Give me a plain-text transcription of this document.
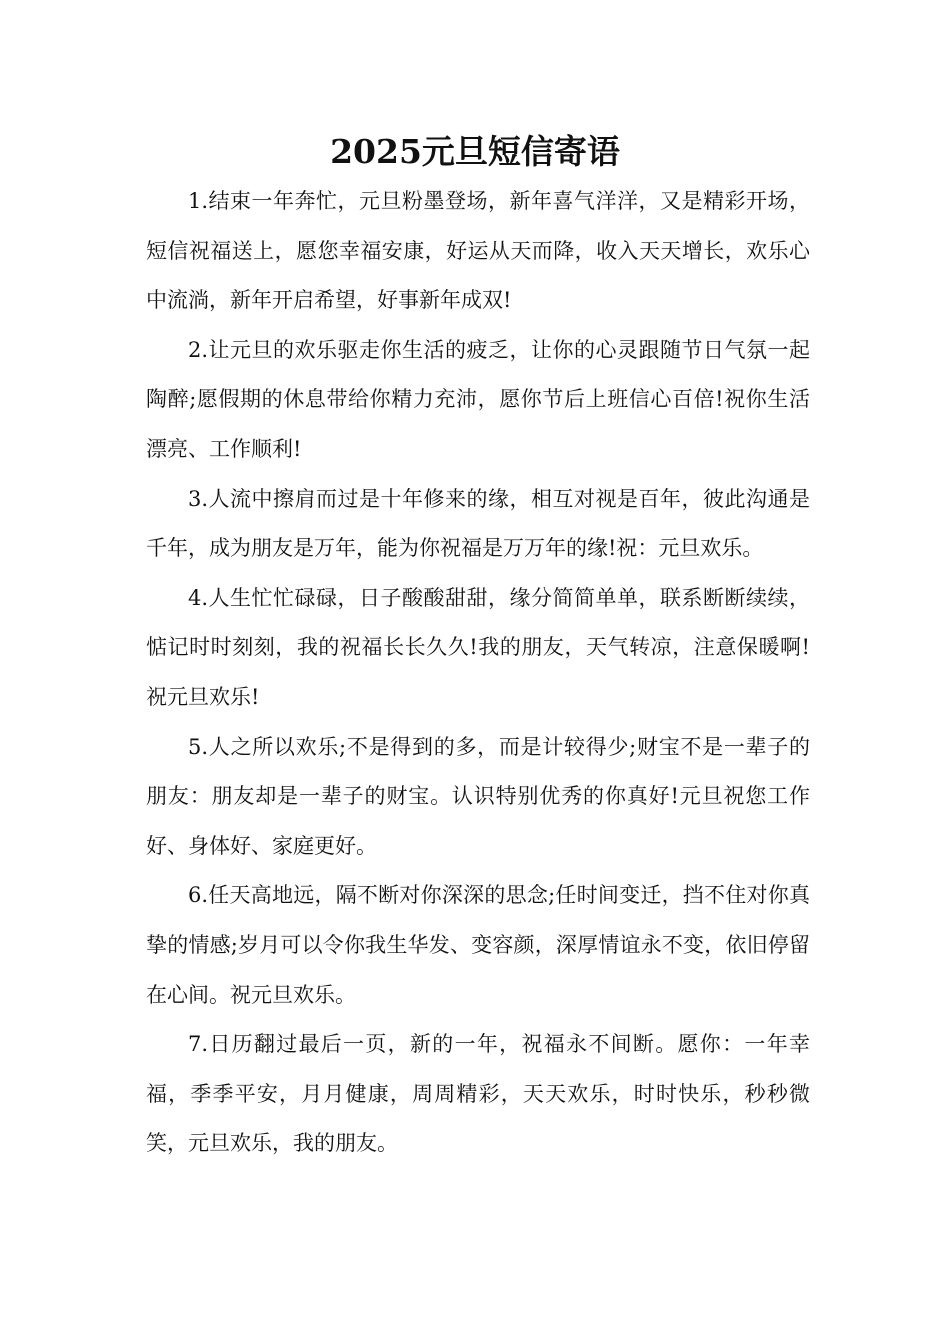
2025元旦短信寄语

1.结束一年奔忙，元旦粉墨登场，新年喜气洋洋，又是精彩开场，短信祝福送上，愿您幸福安康，好运从天而降，收入天天增长，欢乐心中流淌，新年开启希望，好事新年成双!

2.让元旦的欢乐驱走你生活的疲乏，让你的心灵跟随节日气氛一起陶醉;愿假期的休息带给你精力充沛，愿你节后上班信心百倍!祝你生活漂亮、工作顺利!

3.人流中擦肩而过是十年修来的缘，相互对视是百年，彼此沟通是千年，成为朋友是万年，能为你祝福是万万年的缘!祝：元旦欢乐。

4.人生忙忙碌碌，日子酸酸甜甜，缘分简简单单，联系断断续续，惦记时时刻刻，我的祝福长长久久!我的朋友，天气转凉，注意保暖啊!祝元旦欢乐!

5.人之所以欢乐;不是得到的多，而是计较得少;财宝不是一辈子的朋友：朋友却是一辈子的财宝。认识特别优秀的你真好!元旦祝您工作好、身体好、家庭更好。

6.任天高地远，隔不断对你深深的思念;任时间变迁，挡不住对你真挚的情感;岁月可以令你我生华发、变容颜，深厚情谊永不变，依旧停留在心间。祝元旦欢乐。

7.日历翻过最后一页，新的一年，祝福永不间断。愿你：一年幸福，季季平安，月月健康，周周精彩，天天欢乐，时时快乐，秒秒微笑，元旦欢乐，我的朋友。
